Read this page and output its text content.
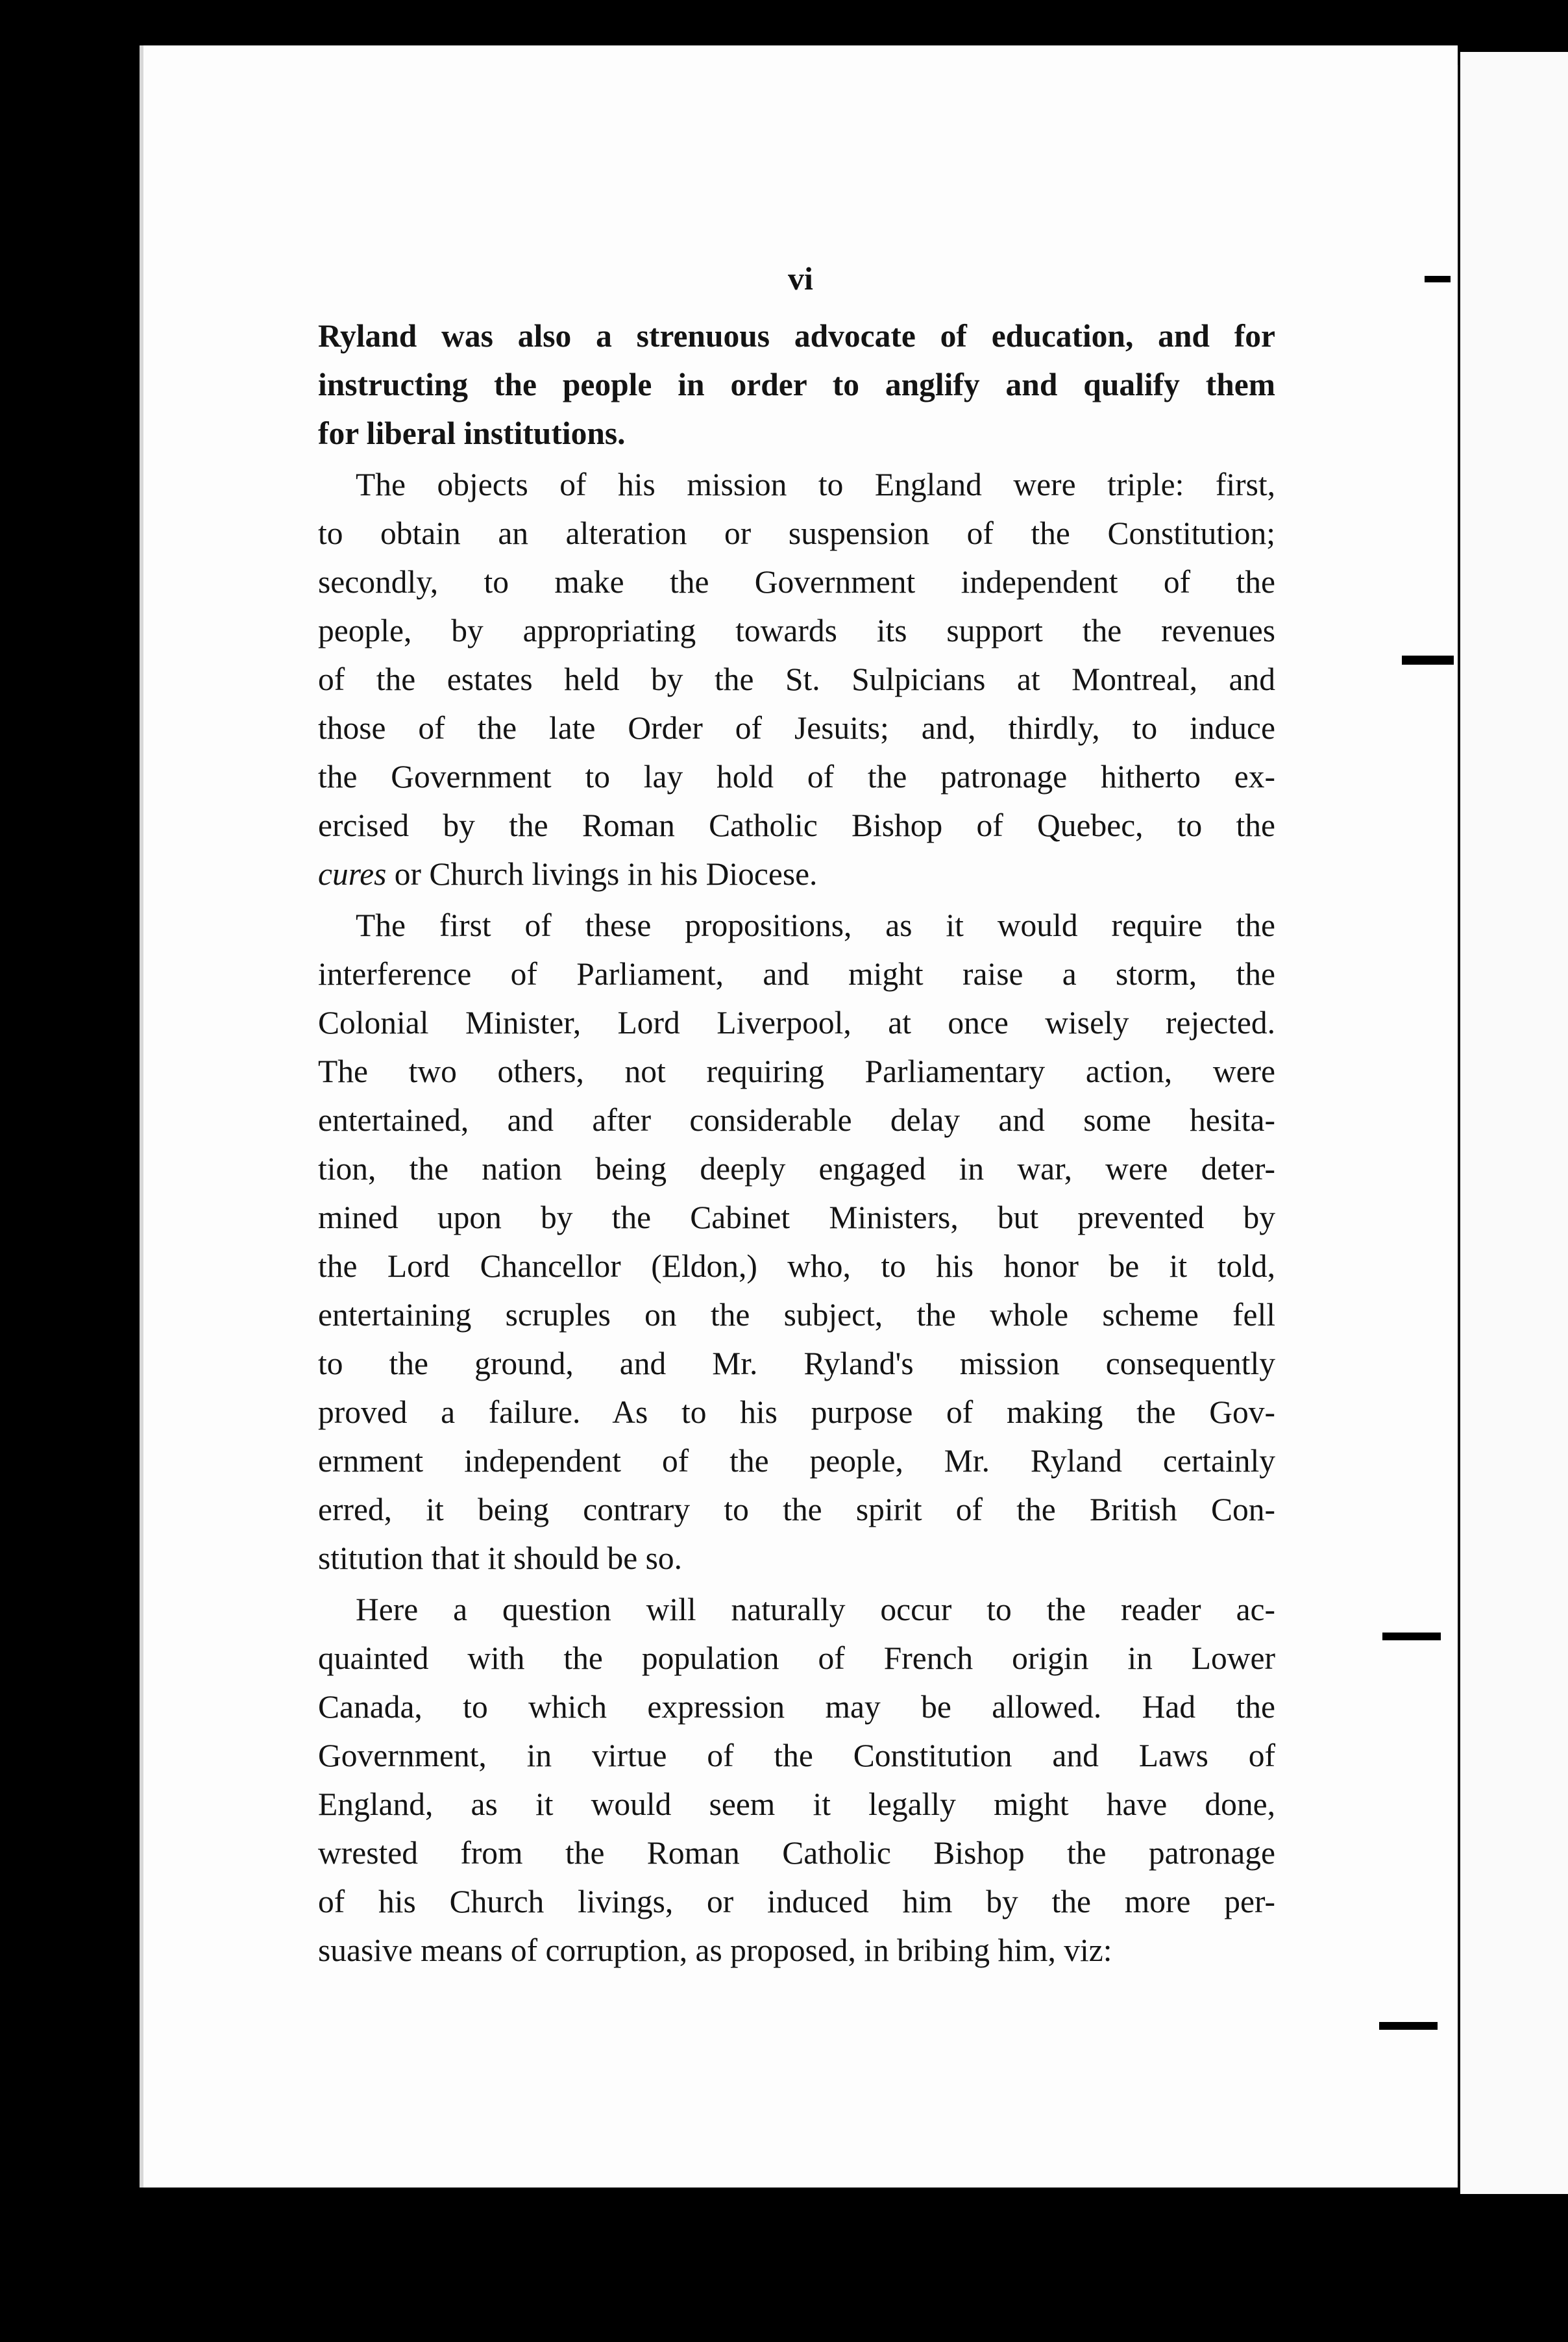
vi

Ryland was also a strenuous advocate of education, and for
instructing the people in order to anglify and qualify them
for liberal institutions.

The objects of his mission to England were triple: first,
to obtain an alteration or suspension of the Constitution;
secondly, to make the Government independent of the
people, by appropriating towards its support the revenues
of the estates held by the St. Sulpicians at Montreal, and
those of the late Order of Jesuits; and, thirdly, to induce
the Government to lay hold of the patronage hitherto ex-
ercised by the Roman Catholic Bishop of Quebec, to the
cures or Church livings in his Diocese.

The first of these propositions, as it would require the
interference of Parliament, and might raise a storm, the
Colonial Minister, Lord Liverpool, at once wisely rejected.
The two others, not requiring Parliamentary action, were
entertained, and after considerable delay and some hesita-
tion, the nation being deeply engaged in war, were deter-
mined upon by the Cabinet Ministers, but prevented by
the Lord Chancellor (Eldon,) who, to his honor be it told,
entertaining scruples on the subject, the whole scheme fell
to the ground, and Mr. Ryland's mission consequently
proved a failure. As to his purpose of making the Gov-
ernment independent of the people, Mr. Ryland certainly
erred, it being contrary to the spirit of the British Con-
stitution that it should be so.

Here a question will naturally occur to the reader ac-
quainted with the population of French origin in Lower
Canada, to which expression may be allowed. Had the
Government, in virtue of the Constitution and Laws of
England, as it would seem it legally might have done,
wrested from the Roman Catholic Bishop the patronage
of his Church livings, or induced him by the more per-
suasive means of corruption, as proposed, in bribing him, viz:
